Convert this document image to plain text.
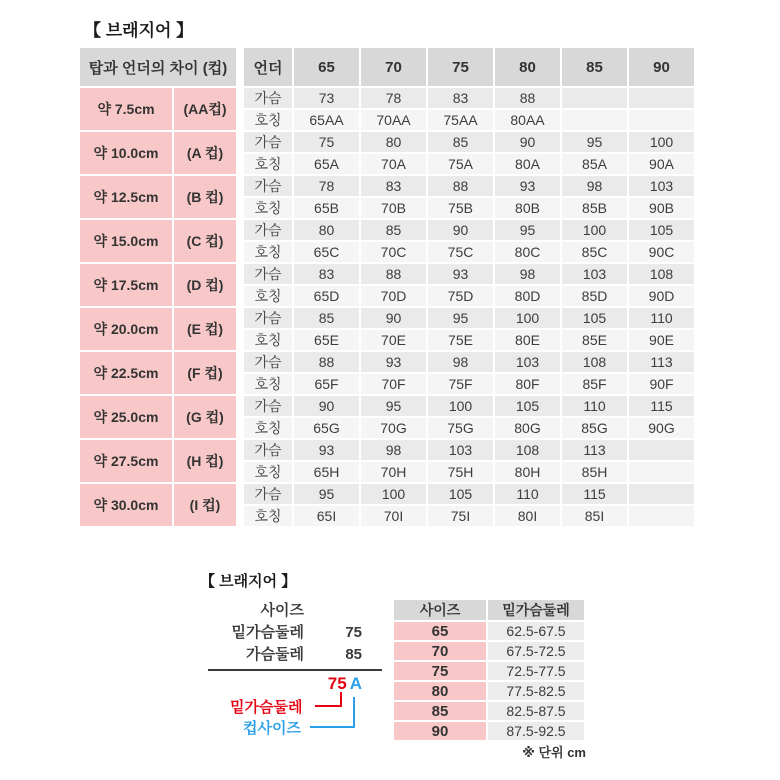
【 브래지어 】
탑과 언더의 차이 (컵)			언더	65	70	75	80	85	90
약 7.5cm	(AA컵)		가슴	73	78	83	88		
			호칭	65AA	70AA	75AA	80AA		
약 10.0cm	(A 컵)		가슴	75	80	85	90	95	100
			호칭	65A	70A	75A	80A	85A	90A
약 12.5cm	(B 컵)		가슴	78	83	88	93	98	103
			호칭	65B	70B	75B	80B	85B	90B
약 15.0cm	(C 컵)		가슴	80	85	90	95	100	105
			호칭	65C	70C	75C	80C	85C	90C
약 17.5cm	(D 컵)		가슴	83	88	93	98	103	108
			호칭	65D	70D	75D	80D	85D	90D
약 20.0cm	(E 컵)		가슴	85	90	95	100	105	110
			호칭	65E	70E	75E	80E	85E	90E
약 22.5cm	(F 컵)		가슴	88	93	98	103	108	113
			호칭	65F	70F	75F	80F	85F	90F
약 25.0cm	(G 컵)		가슴	90	95	100	105	110	115
			호칭	65G	70G	75G	80G	85G	90G
약 27.5cm	(H 컵)		가슴	93	98	103	108	113	
			호칭	65H	70H	75H	80H	85H	
약 30.0cm	(I 컵)		가슴	95	100	105	110	115	
			호칭	65I	70I	75I	80I	85I	
【 브래지어 】
사이즈
밑가슴둘레	75
가슴둘레	85
75 A
밑가슴둘레
컵사이즈
사이즈	밑가슴둘레
65	62.5-67.5
70	67.5-72.5
75	72.5-77.5
80	77.5-82.5
85	82.5-87.5
90	87.5-92.5
※ 단위 cm
